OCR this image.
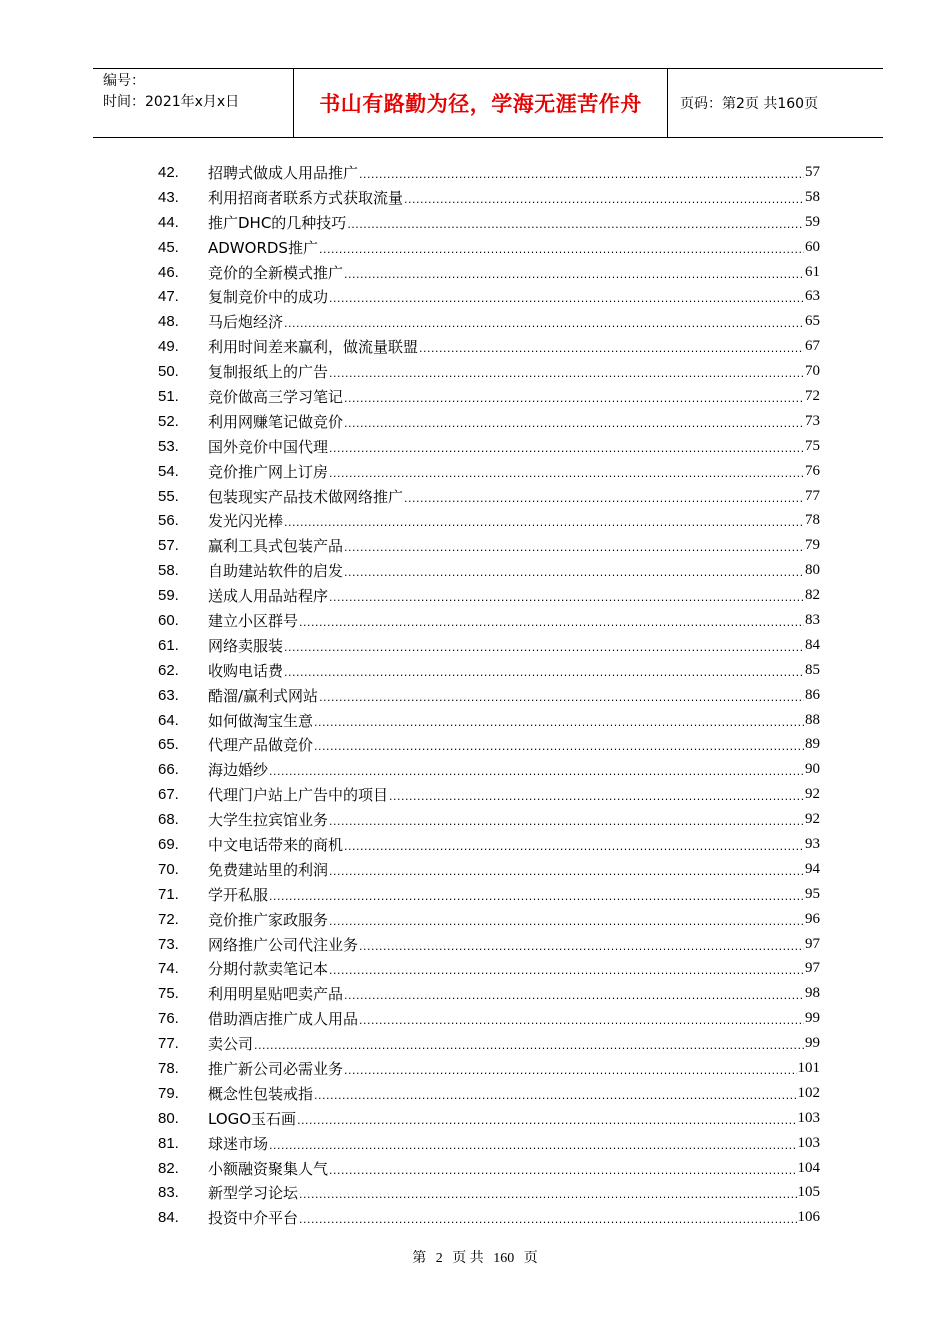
编号：
时间：2021年x月x日	书山有路勤为径，学海无涯苦作舟	页码：第2页 共160页
42.	招聘式做成人用品推广 .....	57
43.	利用招商者联系方式获取流量 .....	58
44.	推广DHC的几种技巧 .....	59
45.	ADWORDS推广 .....	60
46.	竞价的全新模式推广 .....	61
47.	复制竞价中的成功 .....	63
48.	马后炮经济 .....	65
49.	利用时间差来赢利，做流量联盟 .....	67
50.	复制报纸上的广告 .....	70
51.	竞价做高三学习笔记 .....	72
52.	利用网赚笔记做竞价 .....	73
53.	国外竞价中国代理 .....	75
54.	竞价推广网上订房 .....	76
55.	包装现实产品技术做网络推广 .....	77
56.	发光闪光棒 .....	78
57.	赢利工具式包装产品 .....	79
58.	自助建站软件的启发 .....	80
59.	送成人用品站程序 .....	82
60.	建立小区群号 .....	83
61.	网络卖服装 .....	84
62.	收购电话费 .....	85
63.	酷溜/赢利式网站 .....	86
64.	如何做淘宝生意 .....	88
65.	代理产品做竞价 .....	89
66.	海边婚纱 .....	90
67.	代理门户站上广告中的项目 .....	92
68.	大学生拉宾馆业务 .....	92
69.	中文电话带来的商机 .....	93
70.	免费建站里的利润 .....	94
71.	学开私服 .....	95
72.	竞价推广家政服务 .....	96
73.	网络推广公司代注业务 .....	97
74.	分期付款卖笔记本 .....	97
75.	利用明星贴吧卖产品 .....	98
76.	借助酒店推广成人用品 .....	99
77.	卖公司 .....	99
78.	推广新公司必需业务 .....	101
79.	概念性包装戒指 .....	102
80.	LOGO玉石画 .....	103
81.	球迷市场 .....	103
82.	小额融资聚集人气 .....	104
83.	新型学习论坛 .....	105
84.	投资中介平台 .....	106
第 2 页 共 160 页
